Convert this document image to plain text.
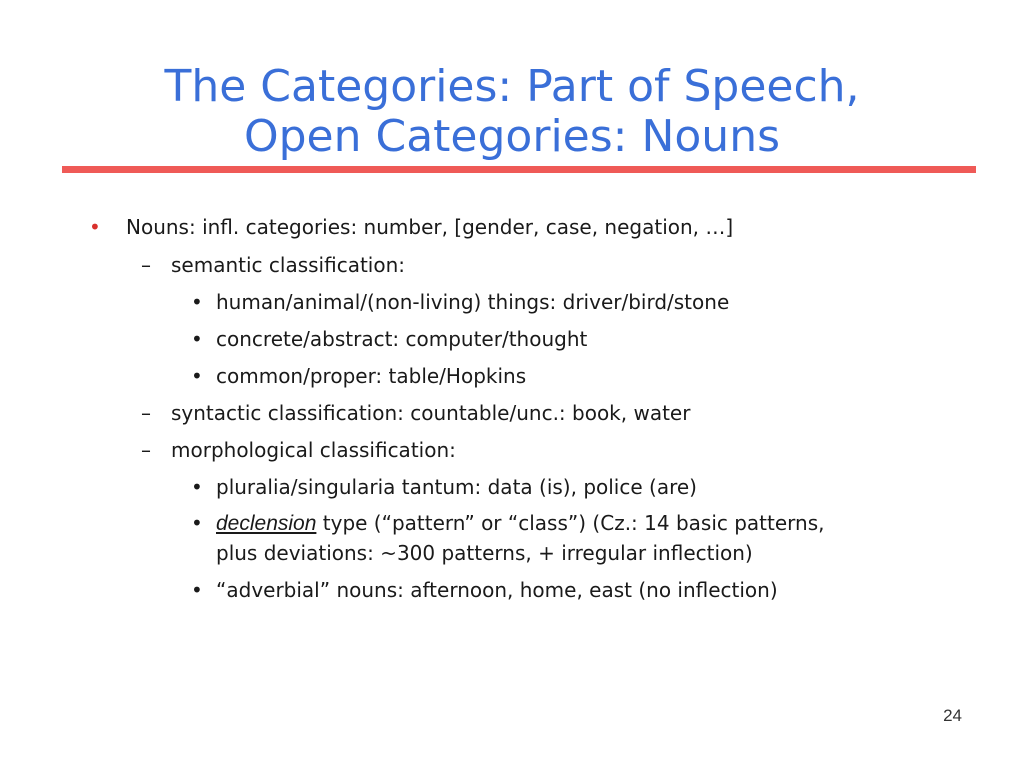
The Categories: Part of Speech,
Open Categories: Nouns
• Nouns: infl. categories: number, [gender, case, negation, …]
– semantic classification:
• human/animal/(non-living) things: driver/bird/stone
• concrete/abstract: computer/thought
• common/proper: table/Hopkins
– syntactic classification: countable/unc.: book, water
– morphological classification:
• pluralia/singularia tantum: data (is), police (are)
• declension type (“pattern” or “class”) (Cz.: 14 basic patterns,
plus deviations: ~300 patterns, + irregular inflection)
• “adverbial” nouns: afternoon, home, east (no inflection)
24
